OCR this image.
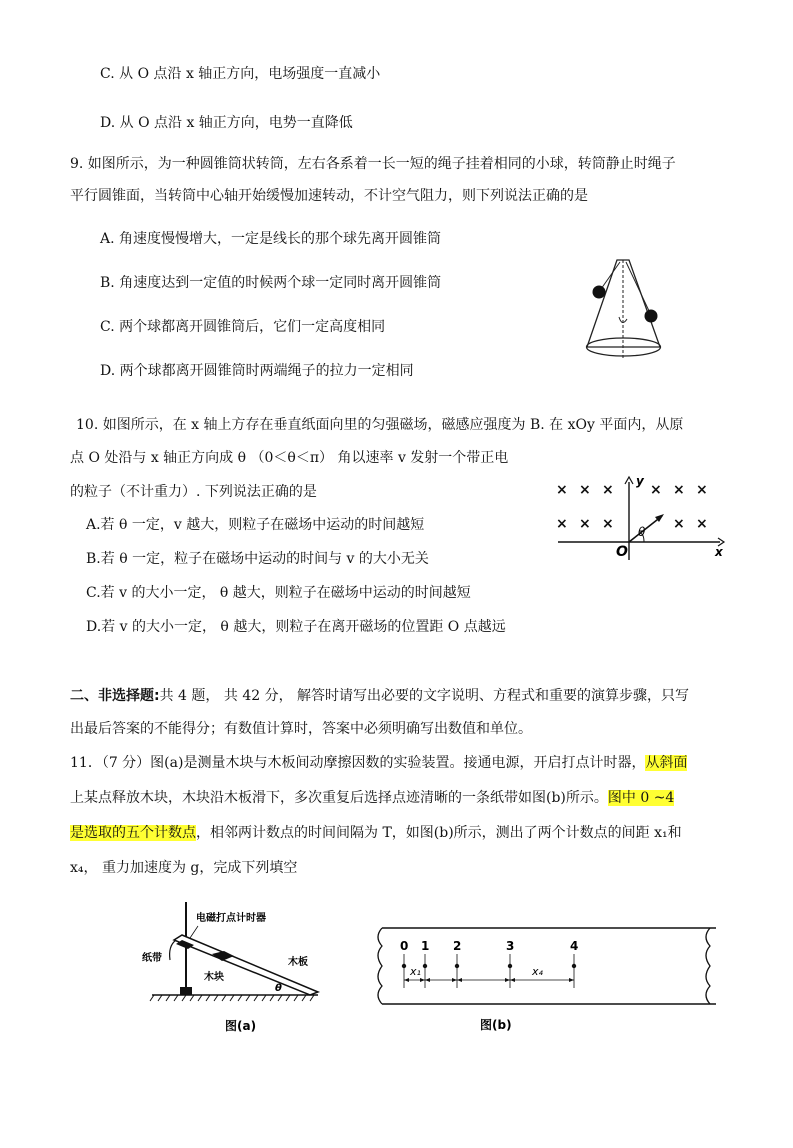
C. 从 O 点沿 x 轴正方向，电场强度一直减小
D. 从 O 点沿 x 轴正方向，电势一直降低
9. 如图所示，为一种圆锥筒状转筒，左右各系着一长一短的绳子挂着相同的小球，转筒静止时绳子
平行圆锥面，当转筒中心轴开始缓慢加速转动，不计空气阻力，则下列说法正确的是
A. 角速度慢慢增大，一定是线长的那个球先离开圆锥筒
B. 角速度达到一定值的时候两个球一定同时离开圆锥筒
C. 两个球都离开圆锥筒后，它们一定高度相同
D. 两个球都离开圆锥筒时两端绳子的拉力一定相同
10. 如图所示，在 x 轴上方存在垂直纸面向里的匀强磁场，磁感应强度为 B. 在 xOy 平面内，从原
点 O 处沿与 x 轴正方向成 θ （0＜θ＜π） 角以速率 v 发射一个带正电
的粒子（不计重力）. 下列说法正确的是
A.若 θ 一定，v 越大，则粒子在磁场中运动的时间越短
B.若 θ 一定，粒子在磁场中运动的时间与 v 的大小无关
C.若 v 的大小一定， θ 越大，则粒子在磁场中运动的时间越短
D.若 v 的大小一定， θ 越大，则粒子在离开磁场的位置距 O 点越远
× × ×	× × ×
× × ×	× ×
y
x
O
θ
二、非选择题:共 4 题， 共 42 分， 解答时请写出必要的文字说明、方程式和重要的演算步骤，只写
出最后答案的不能得分；有数值计算时，答案中必须明确写出数值和单位。
11．（7 分）图(a)是测量木块与木板间动摩擦因数的实验装置。接通电源，开启打点计时器，从斜面
上某点释放木块，木块沿木板滑下，多次重复后选择点迹清晰的一条纸带如图(b)所示。图中 0 ~4
是选取的五个计数点，相邻两计数点的时间间隔为 T，如图(b)所示，测出了两个计数点的间距 x₁和
x₄， 重力加速度为 g，完成下列填空
电磁打点计时器
纸带
木块
木板
θ
图(a)
0 1 2	3	4
x₁	x₄
图(b)
